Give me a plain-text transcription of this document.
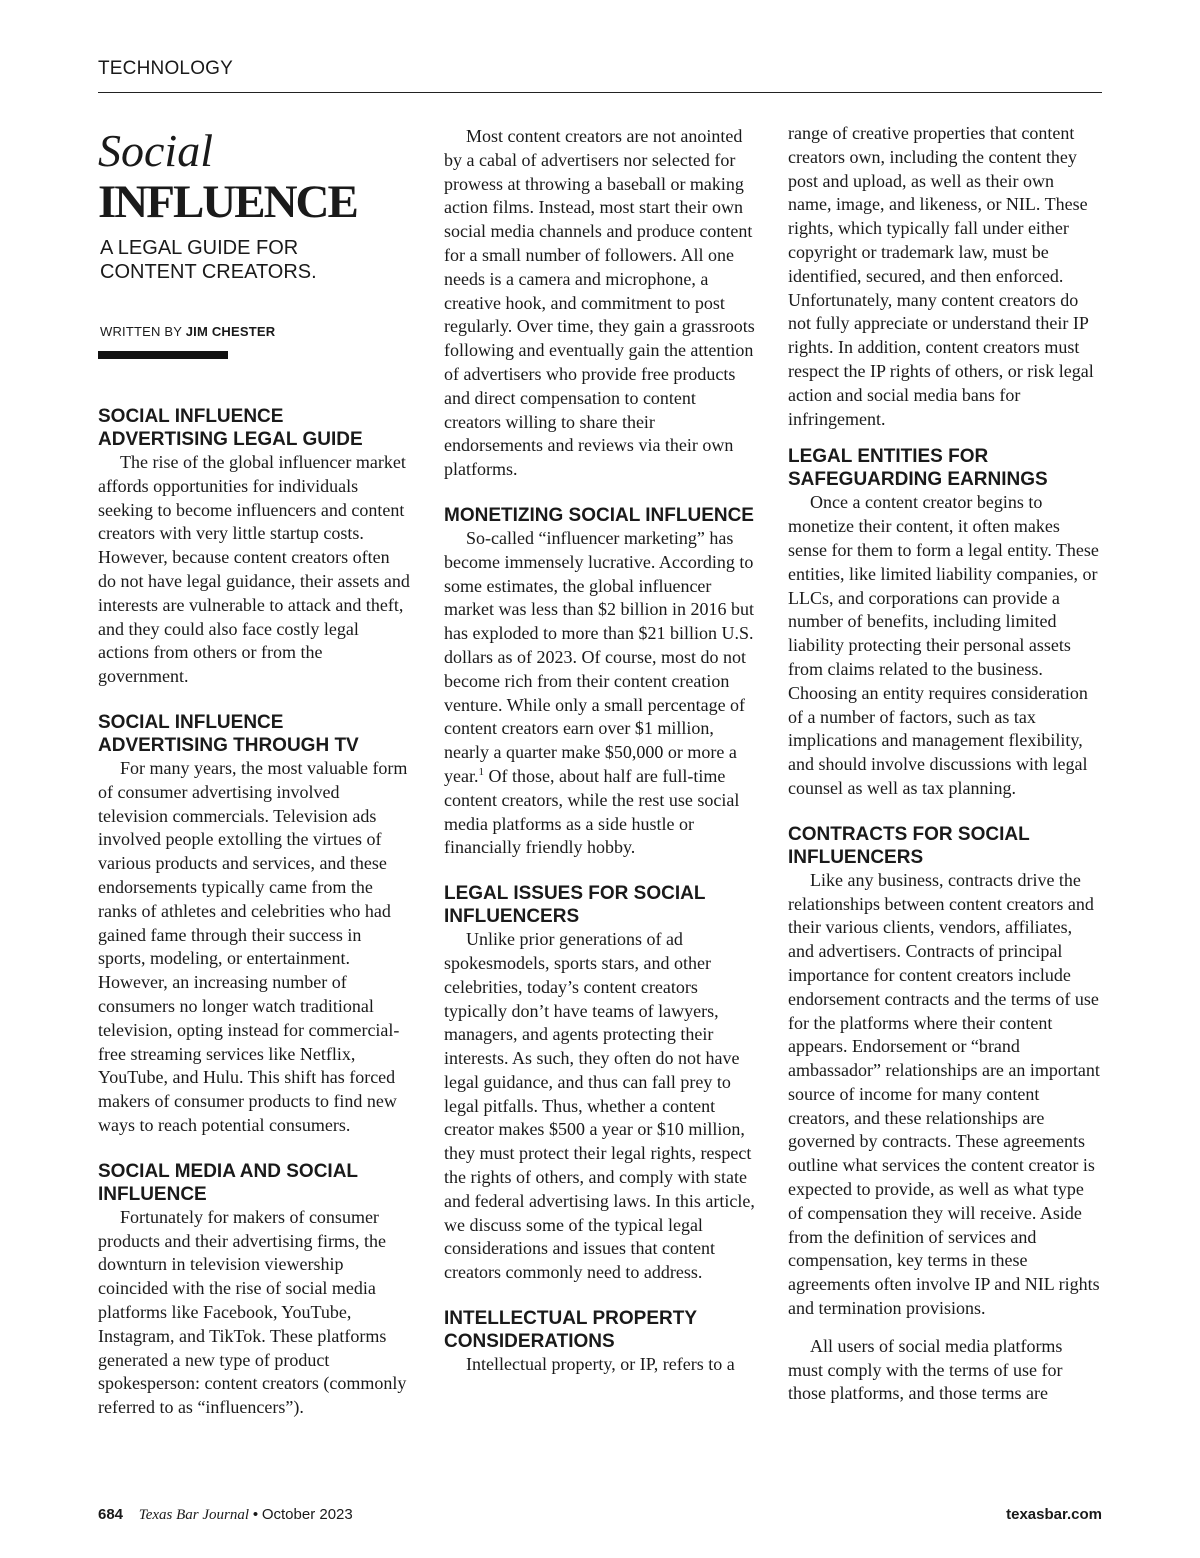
TECHNOLOGY
Social
INFLUENCE
A LEGAL GUIDE FOR
CONTENT CREATORS.
WRITTEN BY JIM CHESTER
SOCIAL INFLUENCE ADVERTISING LEGAL GUIDE

The rise of the global influencer market affords opportunities for individuals seeking to become influencers and content creators with very little startup costs. However, because content creators often do not have legal guidance, their assets and interests are vulnerable to attack and theft, and they could also face costly legal actions from others or from the government.

SOCIAL INFLUENCE ADVERTISING THROUGH TV

For many years, the most valuable form of consumer advertising involved television commercials. Television ads involved people extolling the virtues of various products and services, and these endorsements typically came from the ranks of athletes and celebrities who had gained fame through their success in sports, modeling, or entertainment. However, an increasing number of consumers no longer watch traditional television, opting instead for commercial-free streaming services like Netflix, YouTube, and Hulu. This shift has forced makers of consumer products to find new ways to reach potential consumers.

SOCIAL MEDIA AND SOCIAL INFLUENCE

Fortunately for makers of consumer products and their advertising firms, the downturn in television viewership coincided with the rise of social media platforms like Facebook, YouTube, Instagram, and TikTok. These platforms generated a new type of product spokesperson: content creators (commonly referred to as “influencers”).

Most content creators are not anointed by a cabal of advertisers nor selected for prowess at throwing a baseball or making action films. Instead, most start their own social media channels and produce content for a small number of followers. All one needs is a camera and microphone, a creative hook, and commitment to post regularly. Over time, they gain a grassroots following and eventually gain the attention of advertisers who provide free products and direct compensation to content creators willing to share their endorsements and reviews via their own platforms.

MONETIZING SOCIAL INFLUENCE

So-called “influencer marketing” has become immensely lucrative. According to some estimates, the global influencer market was less than $2 billion in 2016 but has exploded to more than $21 billion U.S. dollars as of 2023. Of course, most do not become rich from their content creation venture. While only a small percentage of content creators earn over $1 million, nearly a quarter make $50,000 or more a year.$^1$ Of those, about half are full-time content creators, while the rest use social media platforms as a side hustle or financially friendly hobby.

LEGAL ISSUES FOR SOCIAL INFLUENCERS

Unlike prior generations of ad spokesmodels, sports stars, and other celebrities, today’s content creators typically don’t have teams of lawyers, managers, and agents protecting their interests. As such, they often do not have legal guidance, and thus can fall prey to legal pitfalls. Thus, whether a content creator makes $500 a year or $10 million, they must protect their legal rights, respect the rights of others, and comply with state and federal advertising laws. In this article, we discuss some of the typical legal considerations and issues that content creators commonly need to address.

INTELLECTUAL PROPERTY CONSIDERATIONS

Intellectual property, or IP, refers to a

range of creative properties that content creators own, including the content they post and upload, as well as their own name, image, and likeness, or NIL. These rights, which typically fall under either copyright or trademark law, must be identified, secured, and then enforced. Unfortunately, many content creators do not fully appreciate or understand their IP rights. In addition, content creators must respect the IP rights of others, or risk legal action and social media bans for infringement.

LEGAL ENTITIES FOR SAFEGUARDING EARNINGS

Once a content creator begins to monetize their content, it often makes sense for them to form a legal entity. These entities, like limited liability companies, or LLCs, and corporations can provide a number of benefits, including limited liability protecting their personal assets from claims related to the business. Choosing an entity requires consideration of a number of factors, such as tax implications and management flexibility, and should involve discussions with legal counsel as well as tax planning.

CONTRACTS FOR SOCIAL INFLUENCERS

Like any business, contracts drive the relationships between content creators and their various clients, vendors, affiliates, and advertisers. Contracts of principal importance for content creators include endorsement contracts and the terms of use for the platforms where their content appears. Endorsement or “brand ambassador” relationships are an important source of income for many content creators, and these relationships are governed by contracts. These agreements outline what services the content creator is expected to provide, as well as what type of compensation they will receive. Aside from the definition of services and compensation, key terms in these agreements often involve IP and NIL rights and termination provisions.

All users of social media platforms must comply with the terms of use for those platforms, and those terms are

684 Texas Bar Journal • October 2023	texasbar.com
